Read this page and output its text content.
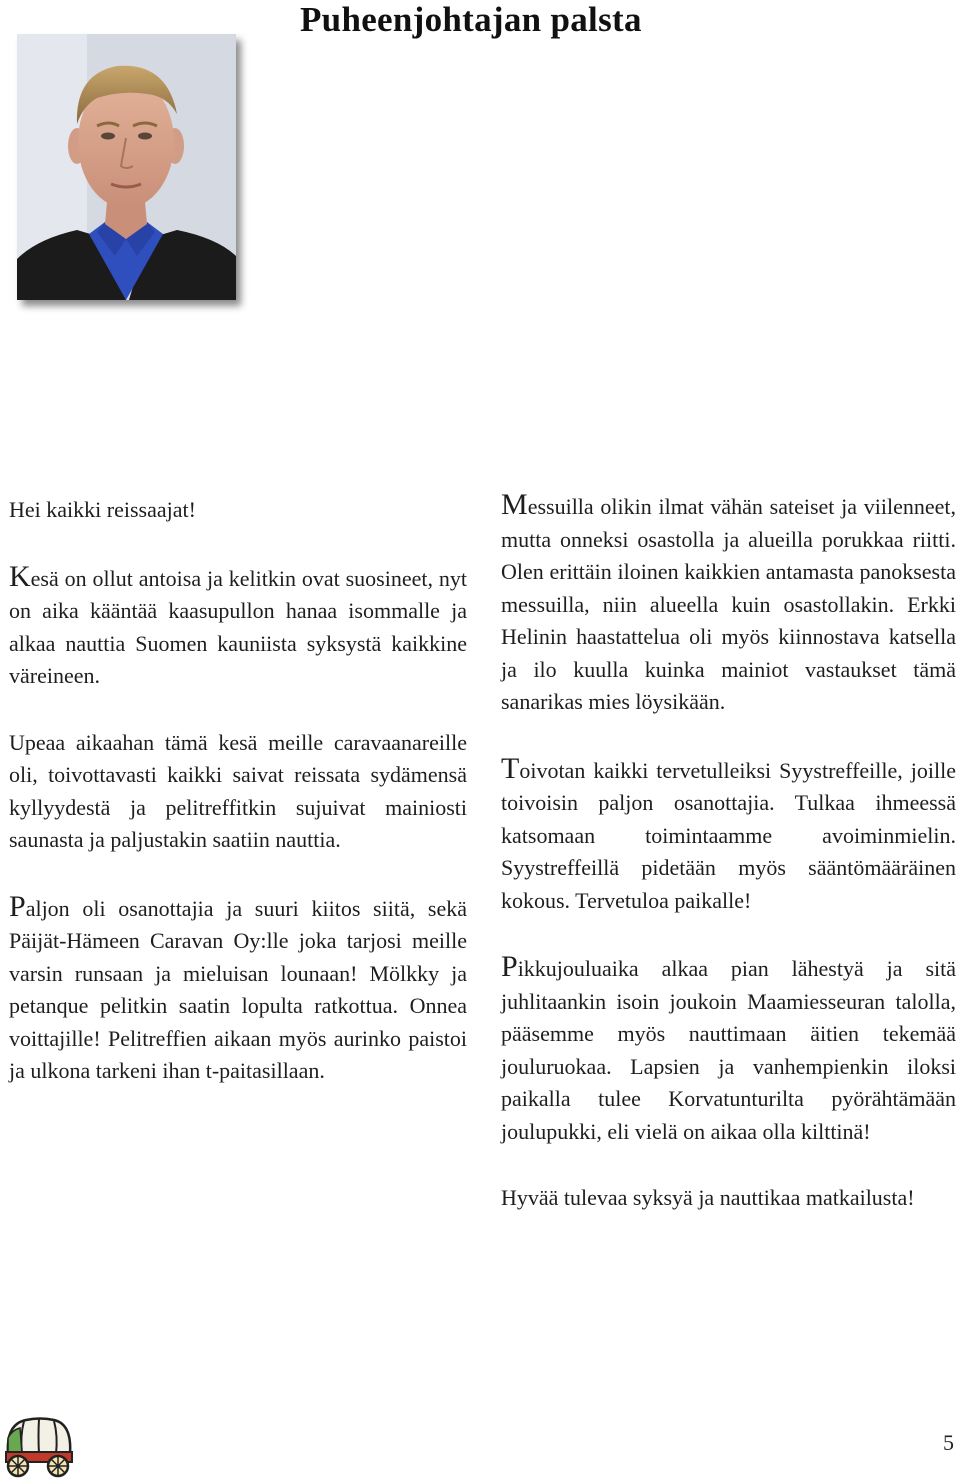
Puheenjohtajan palsta

Hei kaikki reissaajat!

Kesä on ollut antoisa ja kelitkin ovat suosineet, nyt on aika kääntää kaasupullon hanaa isommalle ja alkaa nauttia Suomen kauniista syksystä kaikkine väreineen.

Upeaa aikaahan tämä kesä meille caravaanareille oli, toivottavasti kaikki saivat reissata sydämensä kyllyydestä ja pelitreffitkin sujuivat mainiosti saunasta ja paljustakin saatiin nauttia.

Paljon oli osanottajia ja suuri kiitos siitä, sekä Päijät-Hämeen Caravan Oy:lle joka tarjosi meille varsin runsaan ja mieluisan lounaan! Mölkky ja petanque pelitkin saatin lopulta ratkottua. Onnea voittajille! Pelitreffien aikaan myös aurinko paistoi ja ulkona tarkeni ihan t-paitasillaan.

Messuilla olikin ilmat vähän sateiset ja viilenneet, mutta onneksi osastolla ja alueilla porukkaa riitti. Olen erittäin iloinen kaikkien antamasta panoksesta messuilla, niin alueella kuin osastollakin. Erkki Helinin haastattelua oli myös kiinnostava katsella ja ilo kuulla kuinka mainiot vastaukset tämä sanarikas mies löysikään.

Toivotan kaikki tervetulleiksi Syystreffeille, joille toivoisin paljon osanottajia. Tulkaa ihmeessä katsomaan toimintaamme avoiminmielin. Syystreffeillä pidetään myös sääntömääräinen kokous. Tervetuloa paikalle!

Pikkujouluaika alkaa pian lähestyä ja sitä juhlitaankin isoin joukoin Maamiesseuran talolla, pääsemme myös nauttimaan äitien tekemää jouluruokaa. Lapsien ja vanhempienkin iloksi paikalla tulee Korvatunturilta pyörähtämään joulupukki, eli vielä on aikaa olla kilttinä!

Hyvää tulevaa syksyä ja nauttikaa matkailusta!

5
